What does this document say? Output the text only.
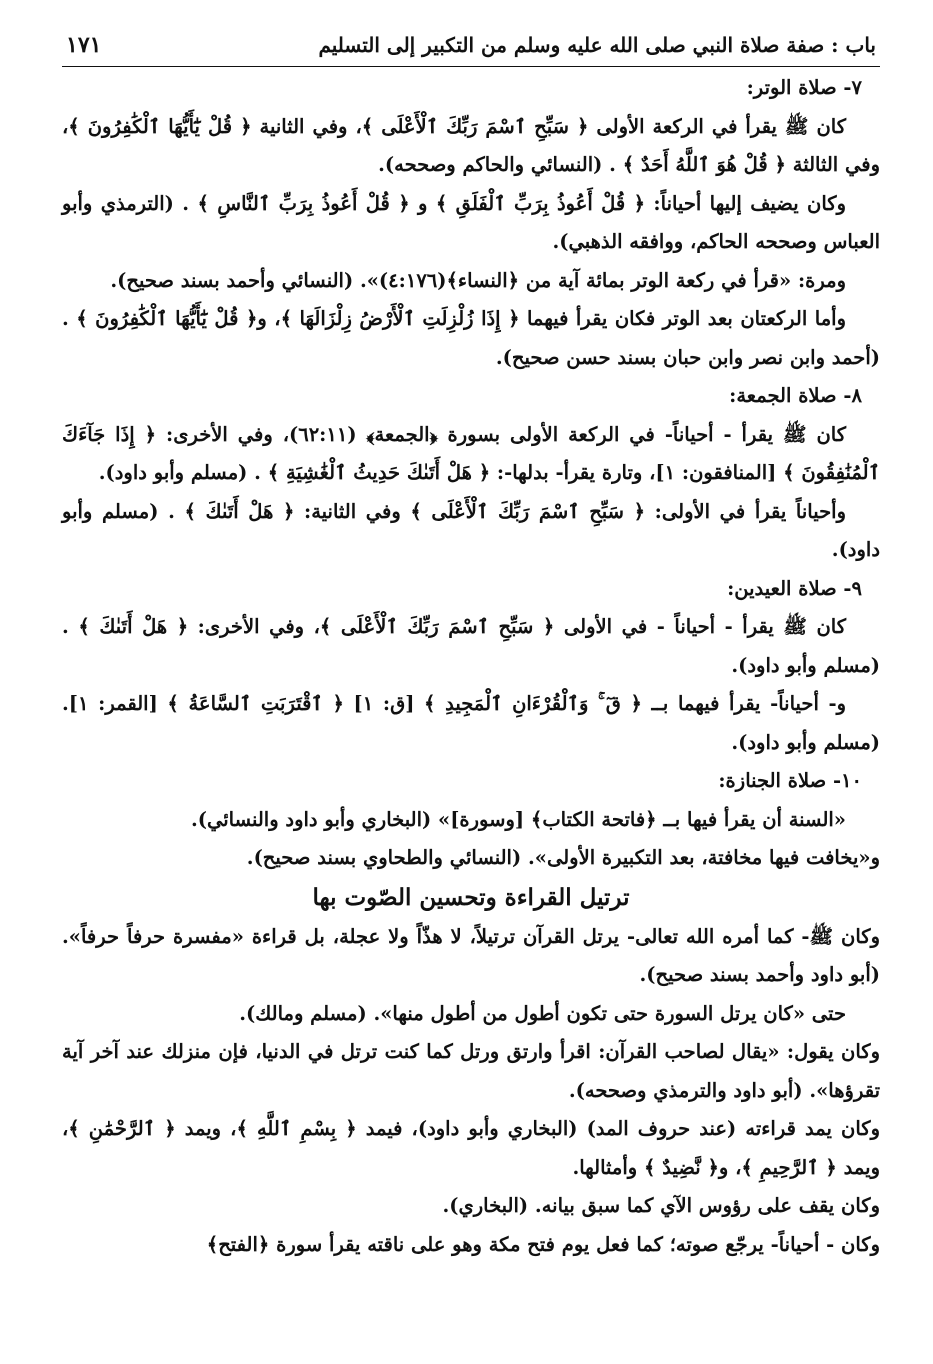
باب : صفة صلاة النبي صلى الله عليه وسلم من التكبير إلى التسليم
١٧١

٧- صلاة الوتر:

كان ﷺ يقرأ في الركعة الأولى ﴿ سَبِّحِ ٱسْمَ رَبِّكَ ٱلْأَعْلَى ﴾، وفي الثانية ﴿ قُلْ يَٰٓأَيُّهَا ٱلْكَٰفِرُونَ ﴾، وفي الثالثة ﴿ قُلْ هُوَ ٱللَّهُ أَحَدٌ ﴾ . (النسائي والحاكم وصححه).

وكان يضيف إليها أحياناً: ﴿ قُلْ أَعُوذُ بِرَبِّ ٱلْفَلَقِ ﴾ و ﴿ قُلْ أَعُوذُ بِرَبِّ ٱلنَّاسِ ﴾ . (الترمذي وأبو العباس وصححه الحاكم، ووافقه الذهبي).

ومرة: «قرأ في ركعة الوتر بمائة آية من ﴿النساء﴾(٤:١٧٦)». (النسائي وأحمد بسند صحيح).

وأما الركعتان بعد الوتر فكان يقرأ فيهما ﴿ إِذَا زُلْزِلَتِ ٱلْأَرْضُ زِلْزَالَهَا ﴾، و﴿ قُلْ يَٰٓأَيُّهَا ٱلْكَٰفِرُونَ ﴾ . (أحمد وابن نصر وابن حبان بسند حسن صحيح).

٨- صلاة الجمعة:

كان ﷺ يقرأ - أحياناً- في الركعة الأولى بسورة ﴿الجمعة﴾ (٦٢:١١)، وفي الأخرى: ﴿ إِذَا جَآءَكَ ٱلْمُنَٰفِقُونَ ﴾ [المنافقون: ١]، وتارة يقرأ- بدلها-: ﴿ هَلْ أَتَىٰكَ حَدِيثُ ٱلْغَٰشِيَةِ ﴾ . (مسلم وأبو داود).

وأحياناً يقرأ في الأولى: ﴿ سَبِّحِ ٱسْمَ رَبِّكَ ٱلْأَعْلَى ﴾ وفي الثانية: ﴿ هَلْ أَتَىٰكَ ﴾ . (مسلم وأبو داود).

٩- صلاة العيدين:

كان ﷺ يقرأ - أحياناً - في الأولى ﴿ سَبِّحِ ٱسْمَ رَبِّكَ ٱلْأَعْلَى ﴾، وفي الأخرى: ﴿ هَلْ أَتَىٰكَ ﴾ . (مسلم وأبو داود).

و- أحياناً- يقرأ فيهما بــ ﴿ قٓ ۚ وَٱلْقُرْءَانِ ٱلْمَجِيدِ ﴾ [ق: ١] ﴿ ٱقْتَرَبَتِ ٱلسَّاعَةُ ﴾ [القمر: ١]. (مسلم وأبو داود).

١٠- صلاة الجنازة:

«السنة أن يقرأ فيها بــ ﴿فاتحة الكتاب﴾ [وسورة]» (البخاري وأبو داود والنسائي).

و«يخافت فيها مخافتة، بعد التكبيرة الأولى». (النسائي والطحاوي بسند صحيح).

ترتيل القراءة وتحسين الصّوت بها

وكان ﷺ- كما أمره الله تعالى- يرتل القرآن ترتيلاً، لا هذّاً ولا عجلة، بل قراءة «مفسرة حرفاً حرفاً». (أبو داود وأحمد بسند صحيح).

حتى «كان يرتل السورة حتى تكون أطول من أطول منها». (مسلم ومالك).

وكان يقول: «يقال لصاحب القرآن: اقرأ وارتق ورتل كما كنت ترتل في الدنيا، فإن منزلك عند آخر آية تقرؤها». (أبو داود والترمذي وصححه).

وكان يمد قراءته (عند حروف المد) (البخاري وأبو داود)، فيمد ﴿ بِسْمِ ٱللَّهِ ﴾، ويمد ﴿ ٱلرَّحْمَٰنِ ﴾، ويمد ﴿ ٱلرَّحِيمِ ﴾، و﴿ نَّضِيدٌ ﴾ وأمثالها.

وكان يقف على رؤوس الآي كما سبق بيانه. (البخاري).

وكان - أحياناً- يرجّع صوته؛ كما فعل يوم فتح مكة وهو على ناقته يقرأ سورة ﴿الفتح﴾
